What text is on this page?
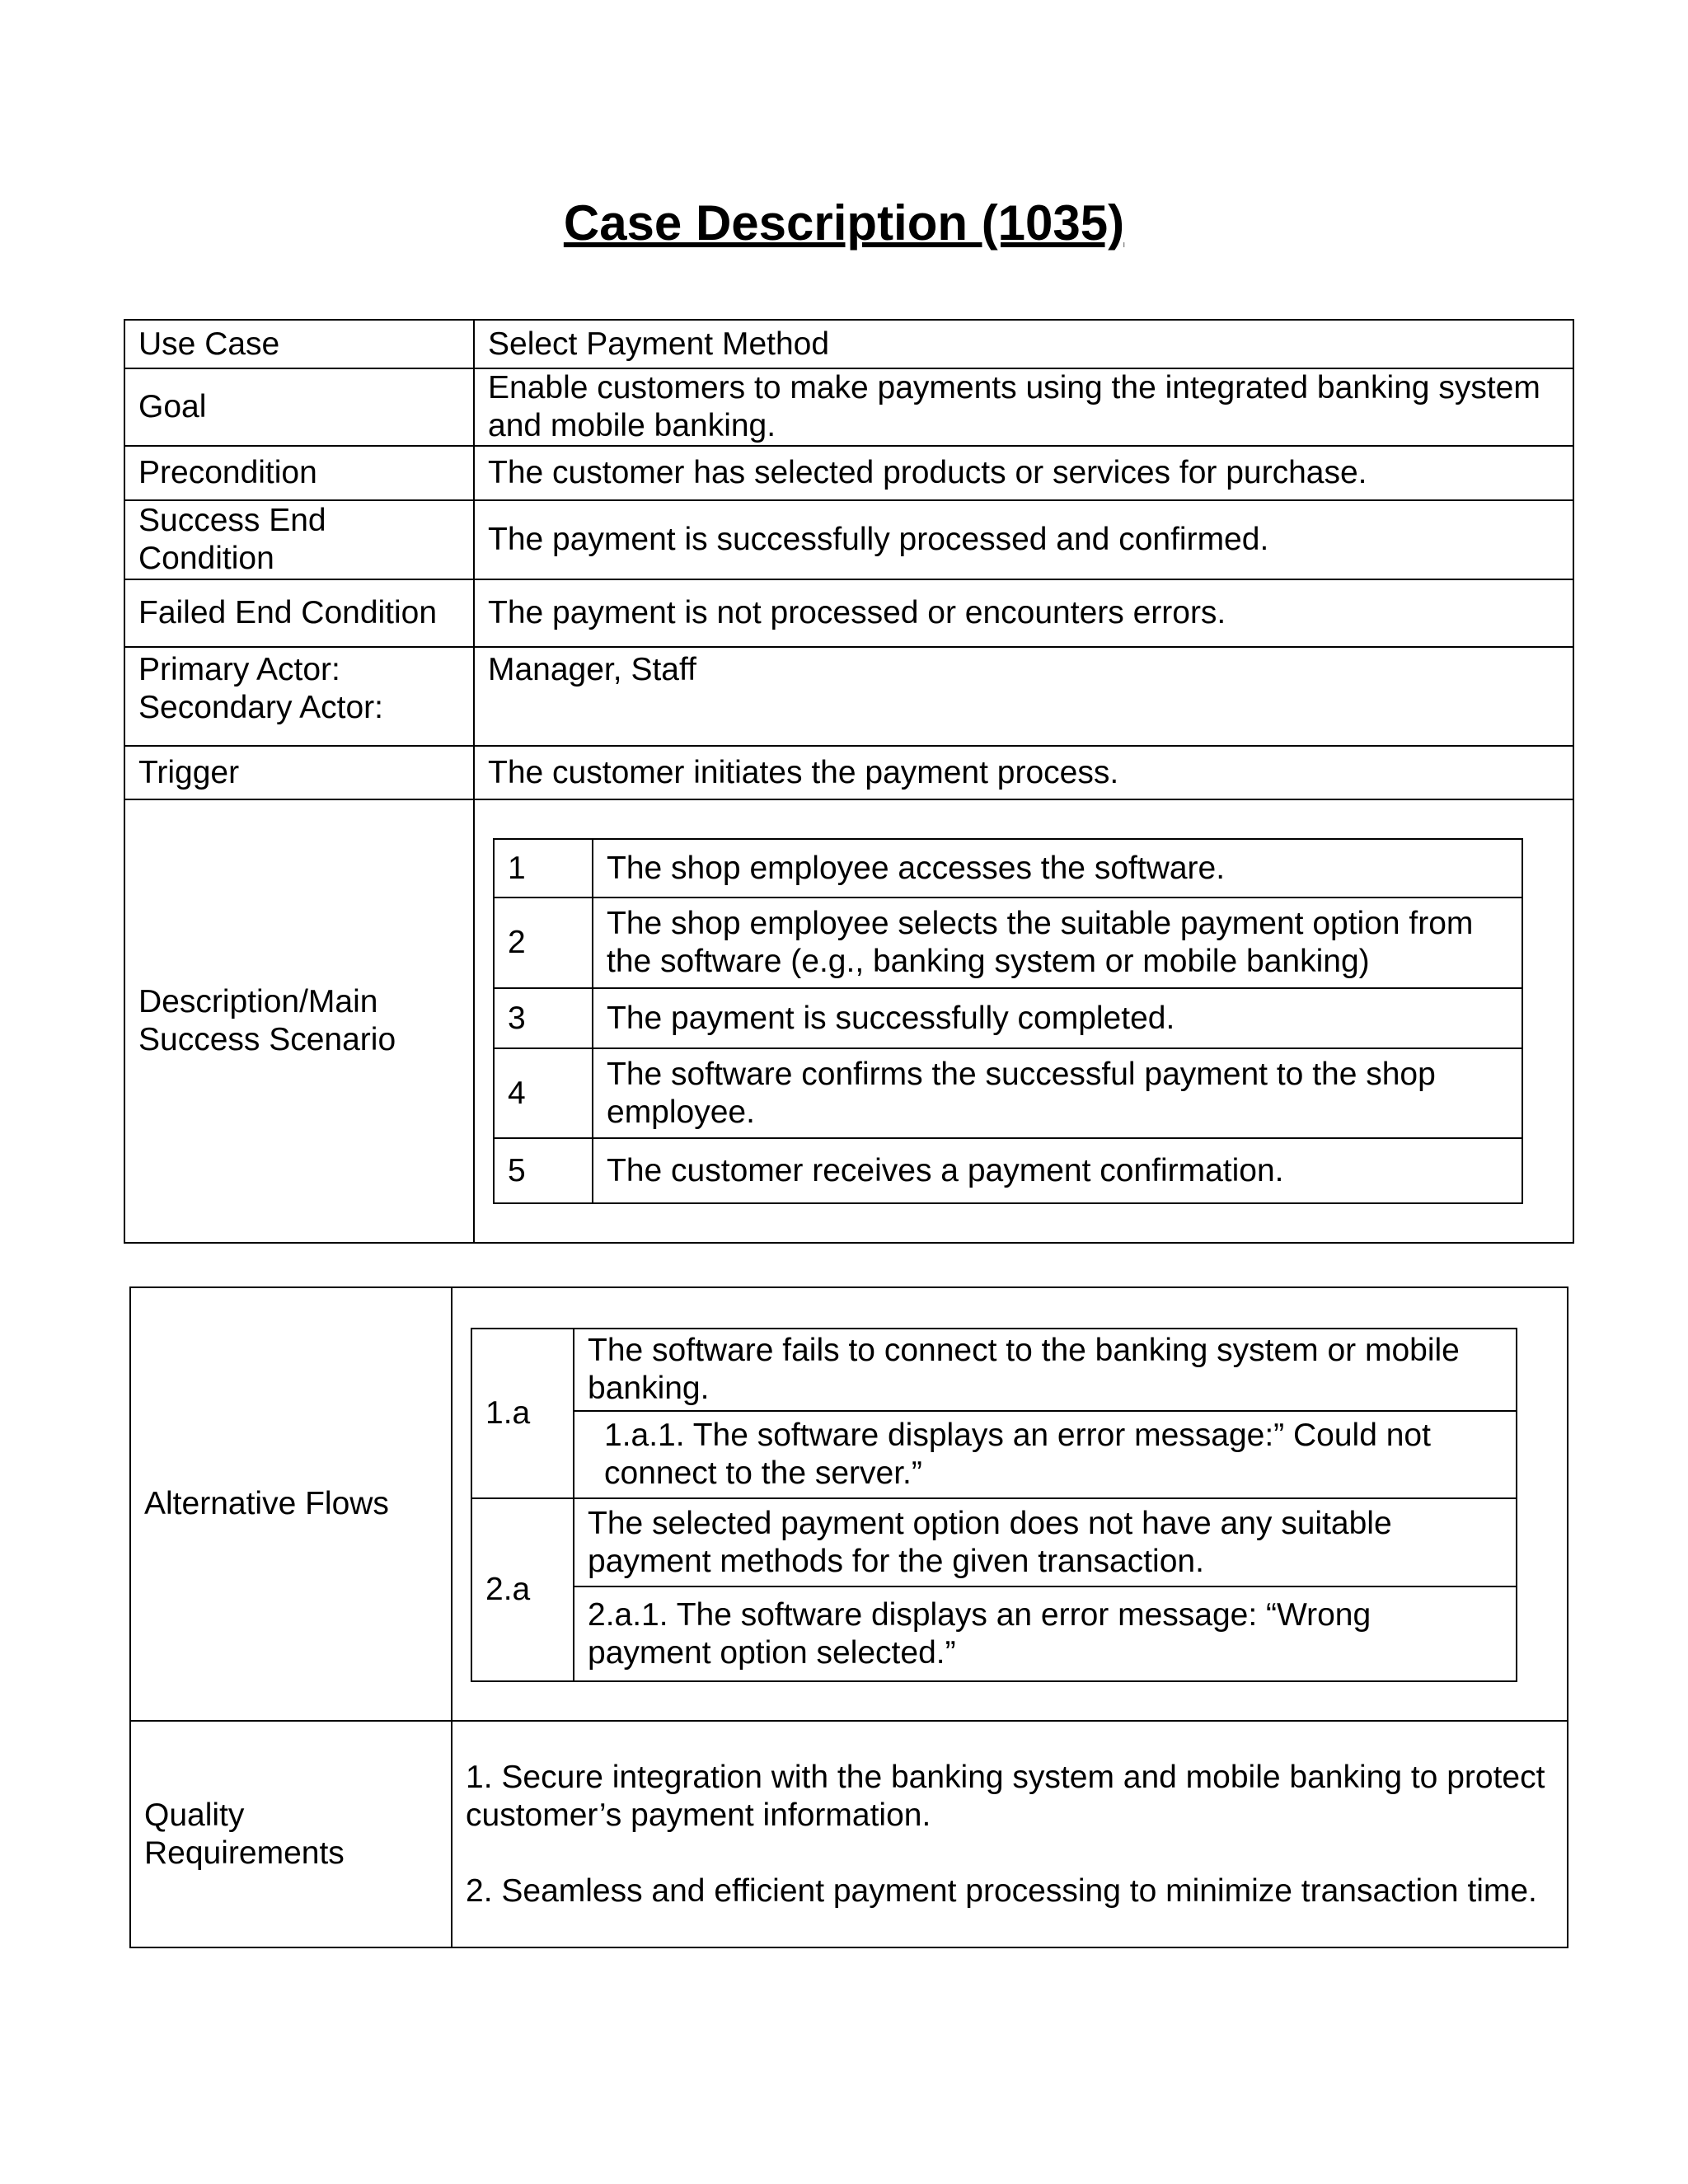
Case Description (1035)
Use Case	Select Payment Method
Goal	Enable customers to make payments using the integrated banking system and mobile banking.
Precondition	The customer has selected products or services for purchase.
Success End Condition	The payment is successfully processed and confirmed.
Failed End Condition	The payment is not processed or encounters errors.

Primary Actor:
Secondary Actor:
	Manager, Staff
Trigger	The customer initiates the payment process.
Description/Main Success Scenario	
1	The shop employee accesses the software.
2	The shop employee selects the suitable payment option from the software (e.g., banking system or mobile banking)
3	The payment is successfully completed.
4	The software confirms the successful payment to the shop employee.
5	The customer receives a payment confirmation.
Alternative Flows	
1.a	The software fails to connect to the banking system or mobile banking.
1.a.1. The software displays an error message:” Could not connect to the server.”
2.a	The selected payment option does not have any suitable payment methods for the given transaction.
2.a.1. The software displays an error message: “Wrong payment option selected.”

Quality Requirements	

1. Secure integration with the banking system and mobile banking to protect customer’s payment information.

2. Seamless and efficient payment processing to minimize transaction time.
